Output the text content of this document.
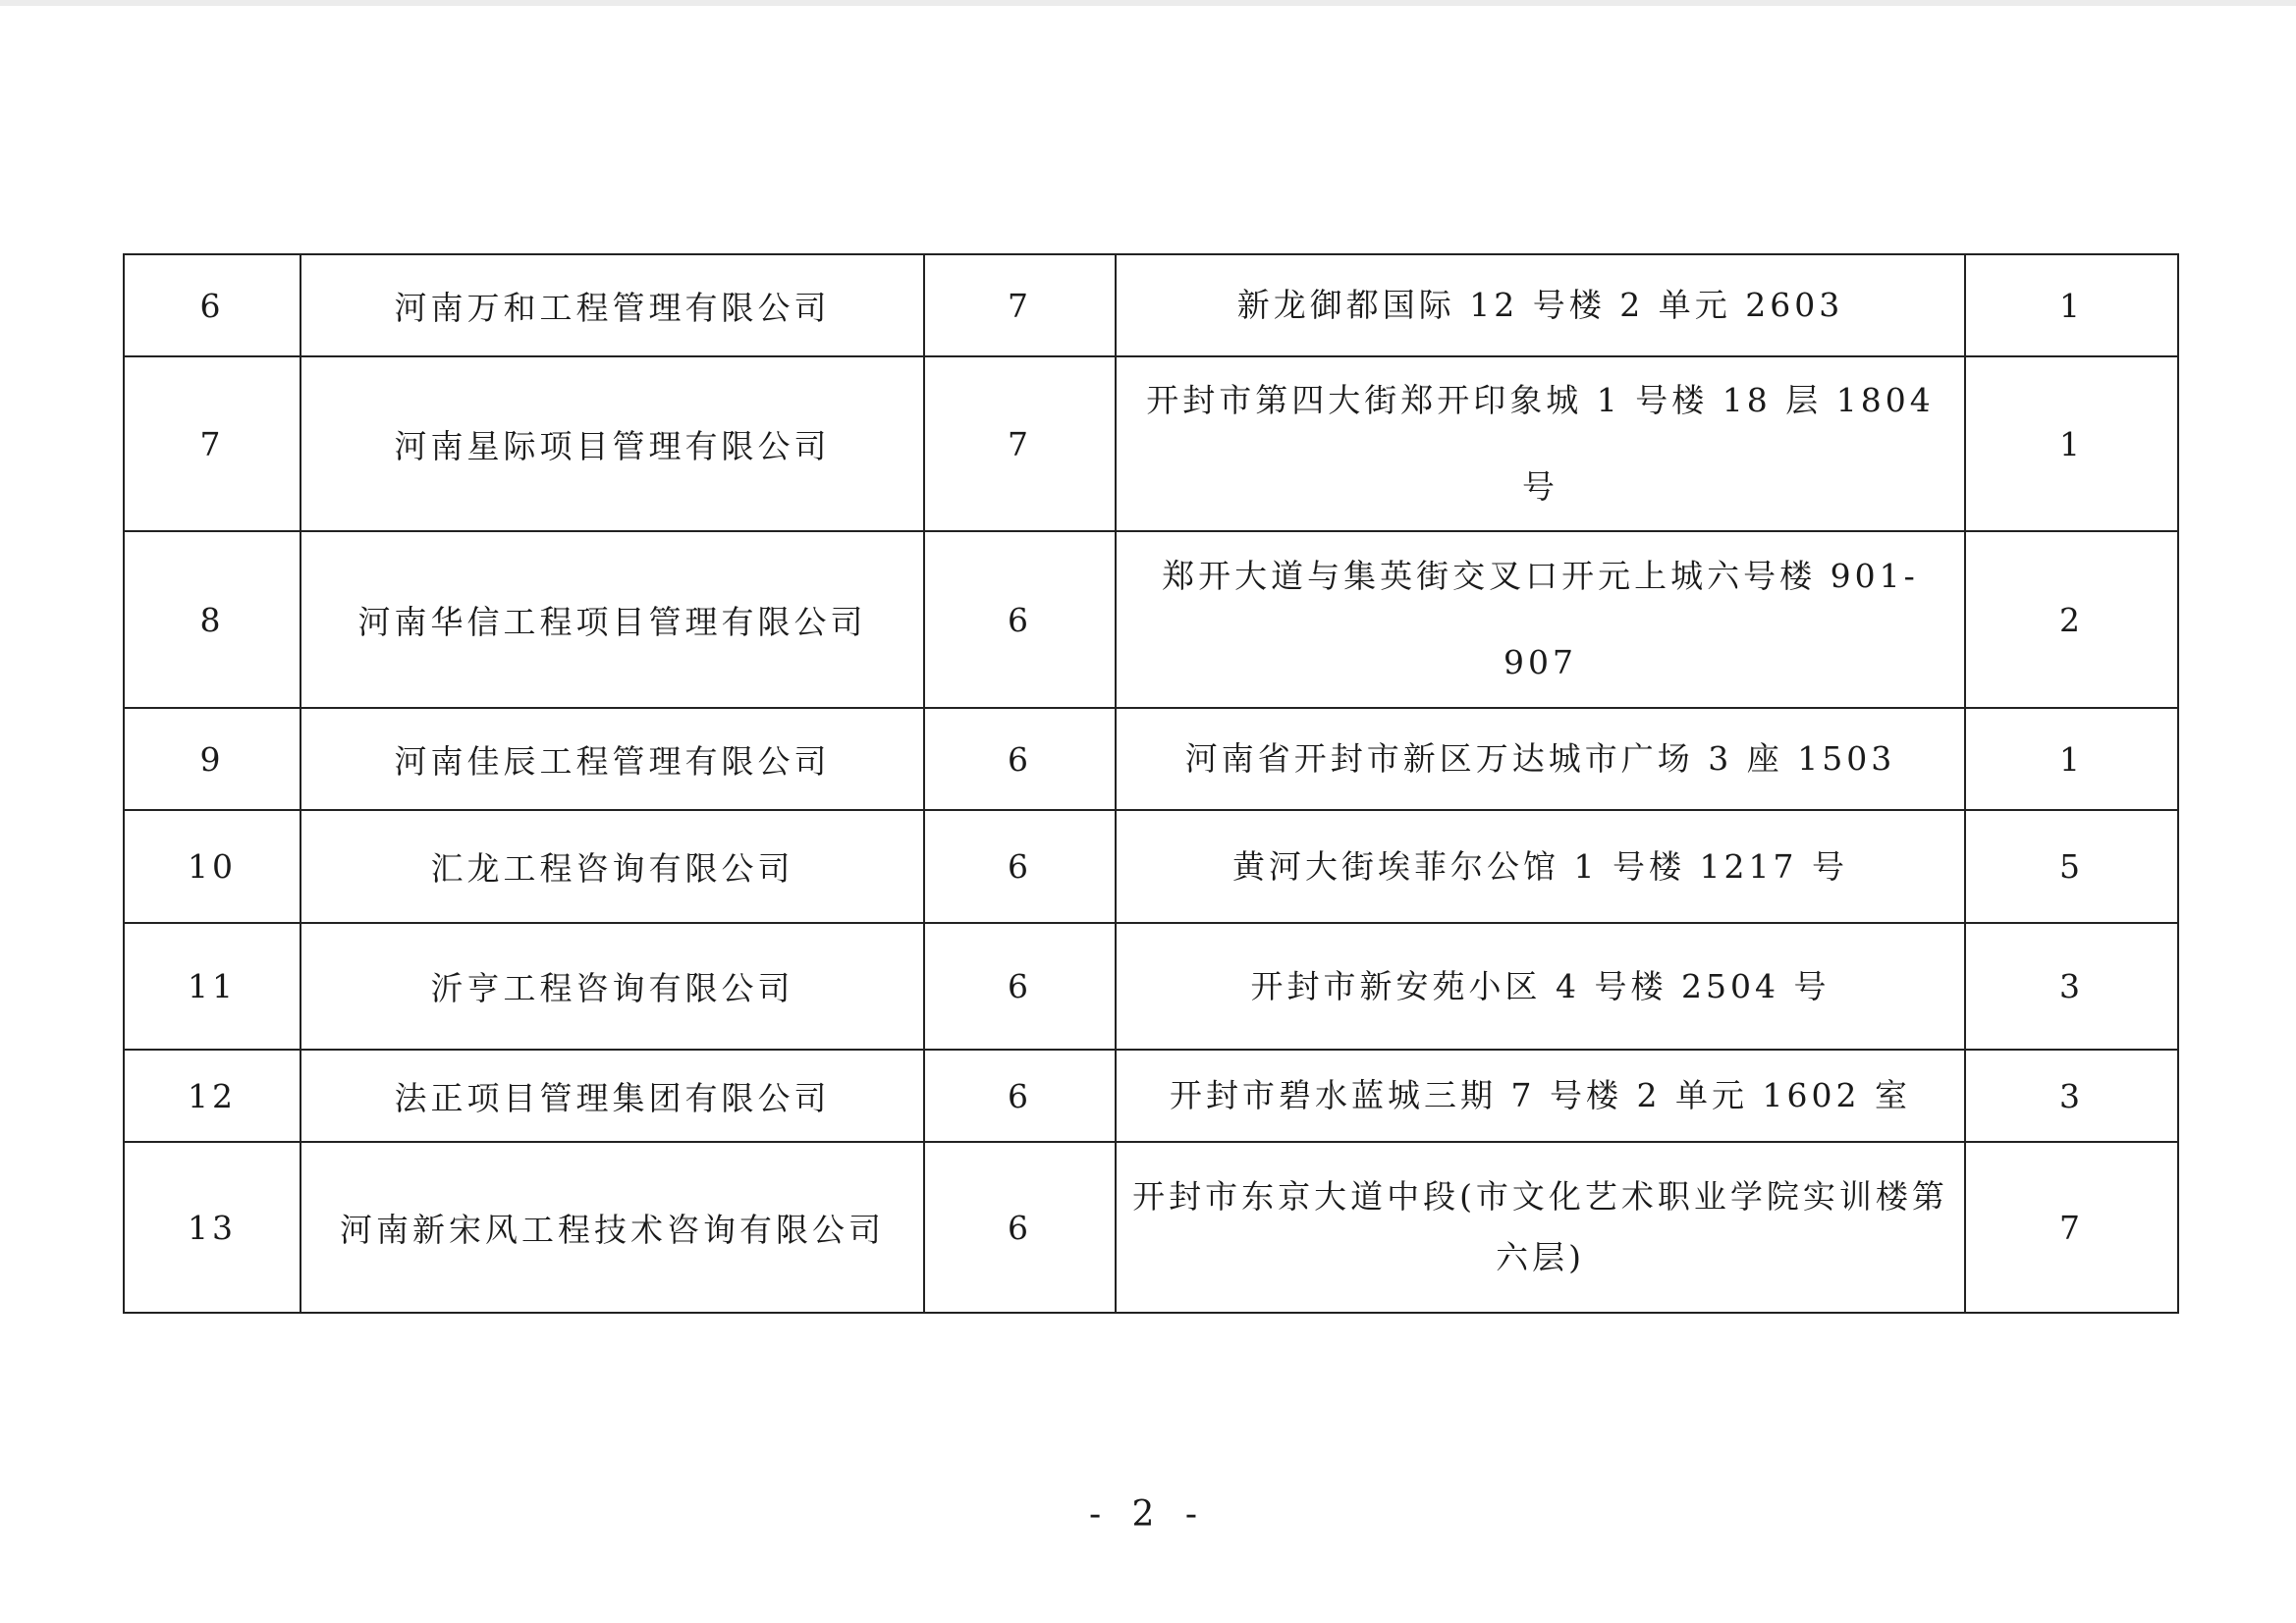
6	河南万和工程管理有限公司	7	新龙御都国际 12 号楼 2 单元 2603	1
7	河南星际项目管理有限公司	7	开封市第四大街郑开印象城 1 号楼 18 层 1804 号	1
8	河南华信工程项目管理有限公司	6	郑开大道与集英街交叉口开元上城六号楼 901-907	2
9	河南佳辰工程管理有限公司	6	河南省开封市新区万达城市广场 3 座 1503	1
10	汇龙工程咨询有限公司	6	黄河大街埃菲尔公馆 1 号楼 1217 号	5
11	沂亨工程咨询有限公司	6	开封市新安苑小区 4 号楼 2504 号	3
12	法正项目管理集团有限公司	6	开封市碧水蓝城三期 7 号楼 2 单元 1602 室	3
13	河南新宋风工程技术咨询有限公司	6	开封市东京大道中段(市文化艺术职业学院实训楼第六层)	7
- 2 -
